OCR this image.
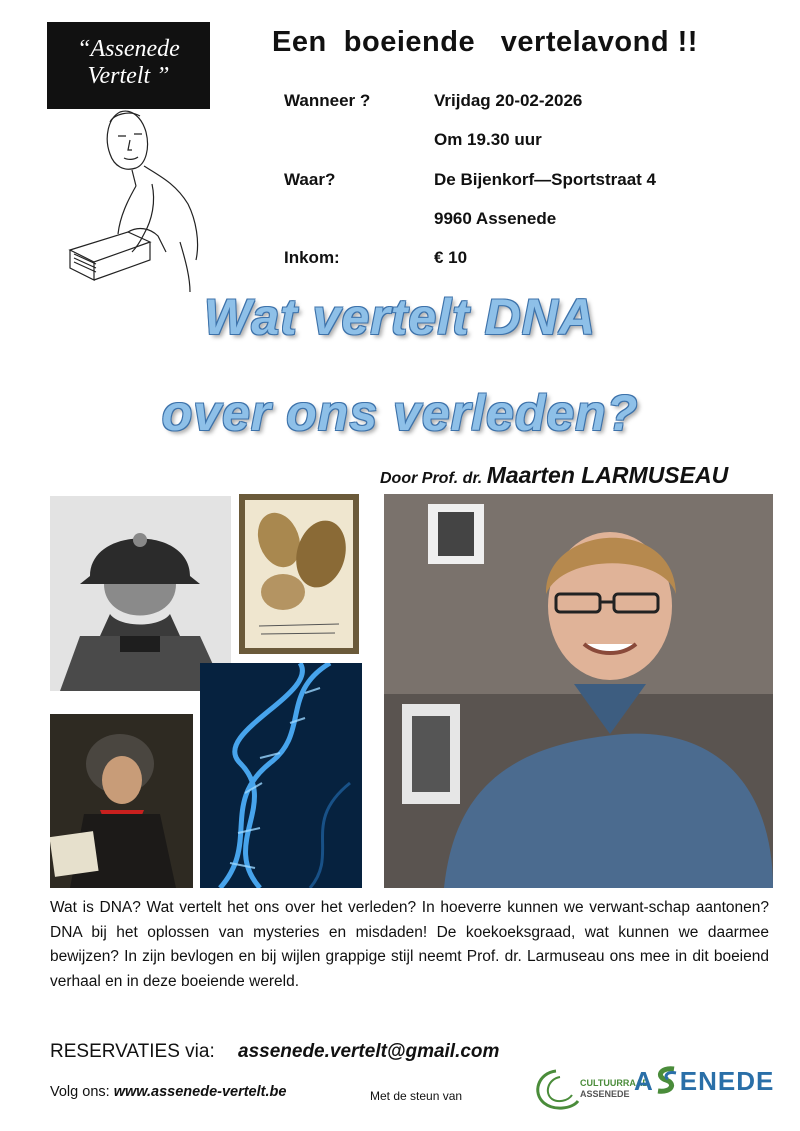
“Assenede
Vertelt ”
Een  boeiende   vertelavond !!
Wanneer ?	Vrijdag 20-02-2026
Om 19.30 uur
Waar?	De Bijenkorf—Sportstraat 4
9960 Assenede
Inkom:	€ 10
Wat vertelt DNA
over ons verleden?
Door Prof. dr. Maarten LARMUSEAU
Wat is DNA? Wat vertelt het ons over het verleden? In hoeverre kunnen we verwant-schap aantonen? DNA bij het oplossen van mysteries en misdaden! De koekoeksgraad, wat kunnen we daarmee bewijzen? In zijn bevlogen en bij wijlen grappige stijl neemt Prof. dr. Larmuseau ons mee in dit boeiend verhaal en in deze boeiende wereld.
RESERVATIES via: assenede.vertelt@gmail.com
Volg ons: www.assenede-vertelt.be	Met de steun van
CULTUURRAAD
ASSENEDE A ENEDE
